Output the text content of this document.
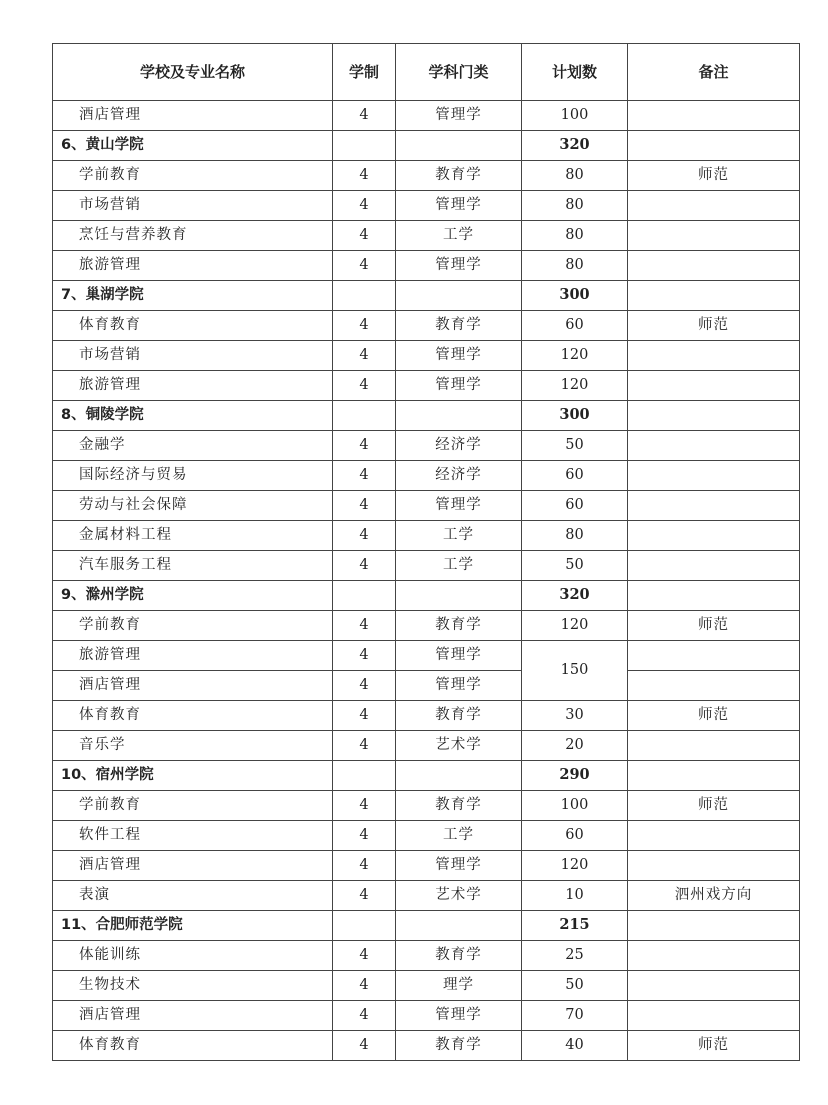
学校及专业名称	学制	学科门类	计划数	备注
酒店管理	4	管理学	100	
6、黄山学院			320	
学前教育	4	教育学	80	师范
市场营销	4	管理学	80	
烹饪与营养教育	4	工学	80	
旅游管理	4	管理学	80	
7、巢湖学院			300	
体育教育	4	教育学	60	师范
市场营销	4	管理学	120	
旅游管理	4	管理学	120	
8、铜陵学院			300	
金融学	4	经济学	50	
国际经济与贸易	4	经济学	60	
劳动与社会保障	4	管理学	60	
金属材料工程	4	工学	80	
汽车服务工程	4	工学	50	
9、滁州学院			320	
学前教育	4	教育学	120	师范
旅游管理	4	管理学	150	
酒店管理	4	管理学		
体育教育	4	教育学	30	师范
音乐学	4	艺术学	20	
10、宿州学院			290	
学前教育	4	教育学	100	师范
软件工程	4	工学	60	
酒店管理	4	管理学	120	
表演	4	艺术学	10	泗州戏方向
11、合肥师范学院			215	
体能训练	4	教育学	25	
生物技术	4	理学	50	
酒店管理	4	管理学	70	
体育教育	4	教育学	40	师范
